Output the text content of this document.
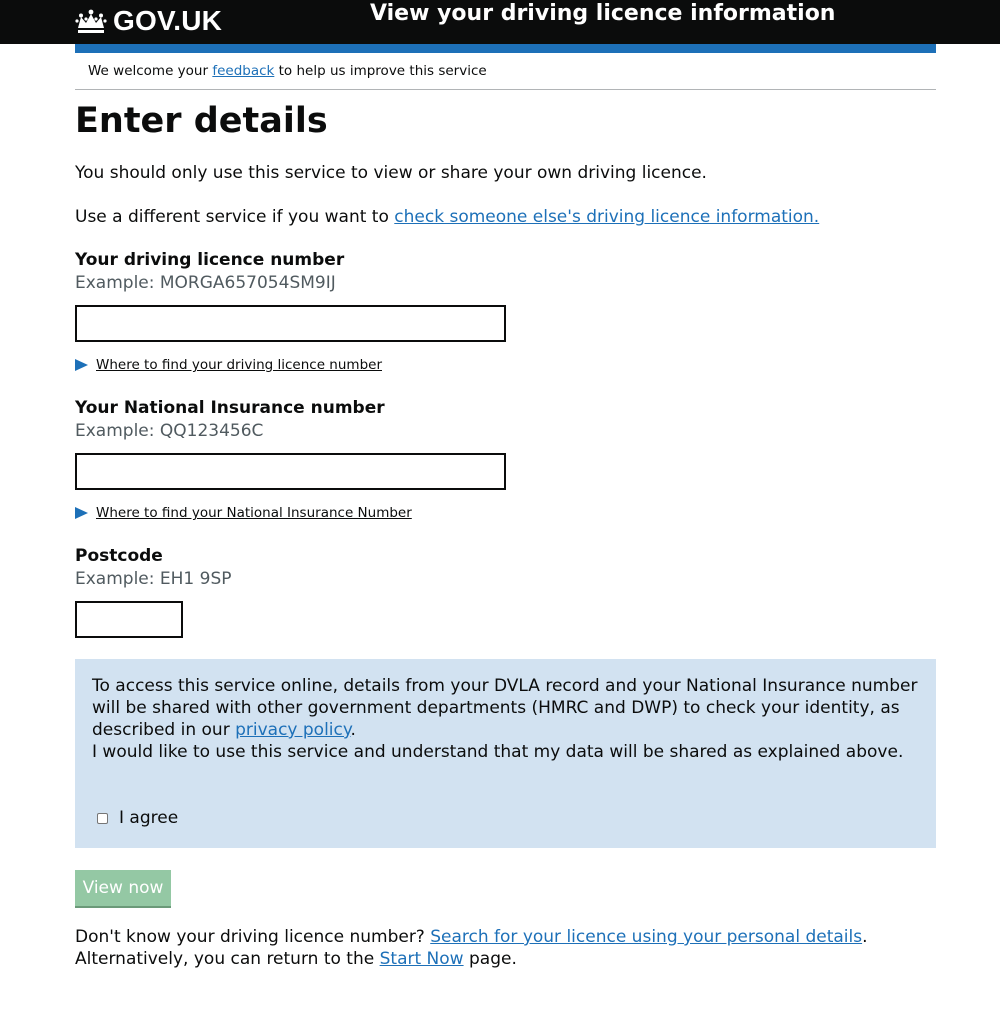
GOV.UK	View your driving licence information
We welcome your feedback to help us improve this service
Enter details

You should only use this service to view or share your own driving licence.

Use a different service if you want to check someone else's driving licence information.

Your driving licence number
Example: MORGA657054SM9IJ
Where to find your driving licence number
Your National Insurance number
Example: QQ123456C
Where to find your National Insurance Number
Postcode
Example: EH1 9SP

To access this service online, details from your DVLA record and your National Insurance number will be shared with other government departments (HMRC and DWP) to check your identity, as described in our privacy policy.

I would like to use this service and understand that my data will be shared as explained above.

I agree
View now

Don't know your driving licence number? Search for your licence using your personal details.

Alternatively, you can return to the Start Now page.
